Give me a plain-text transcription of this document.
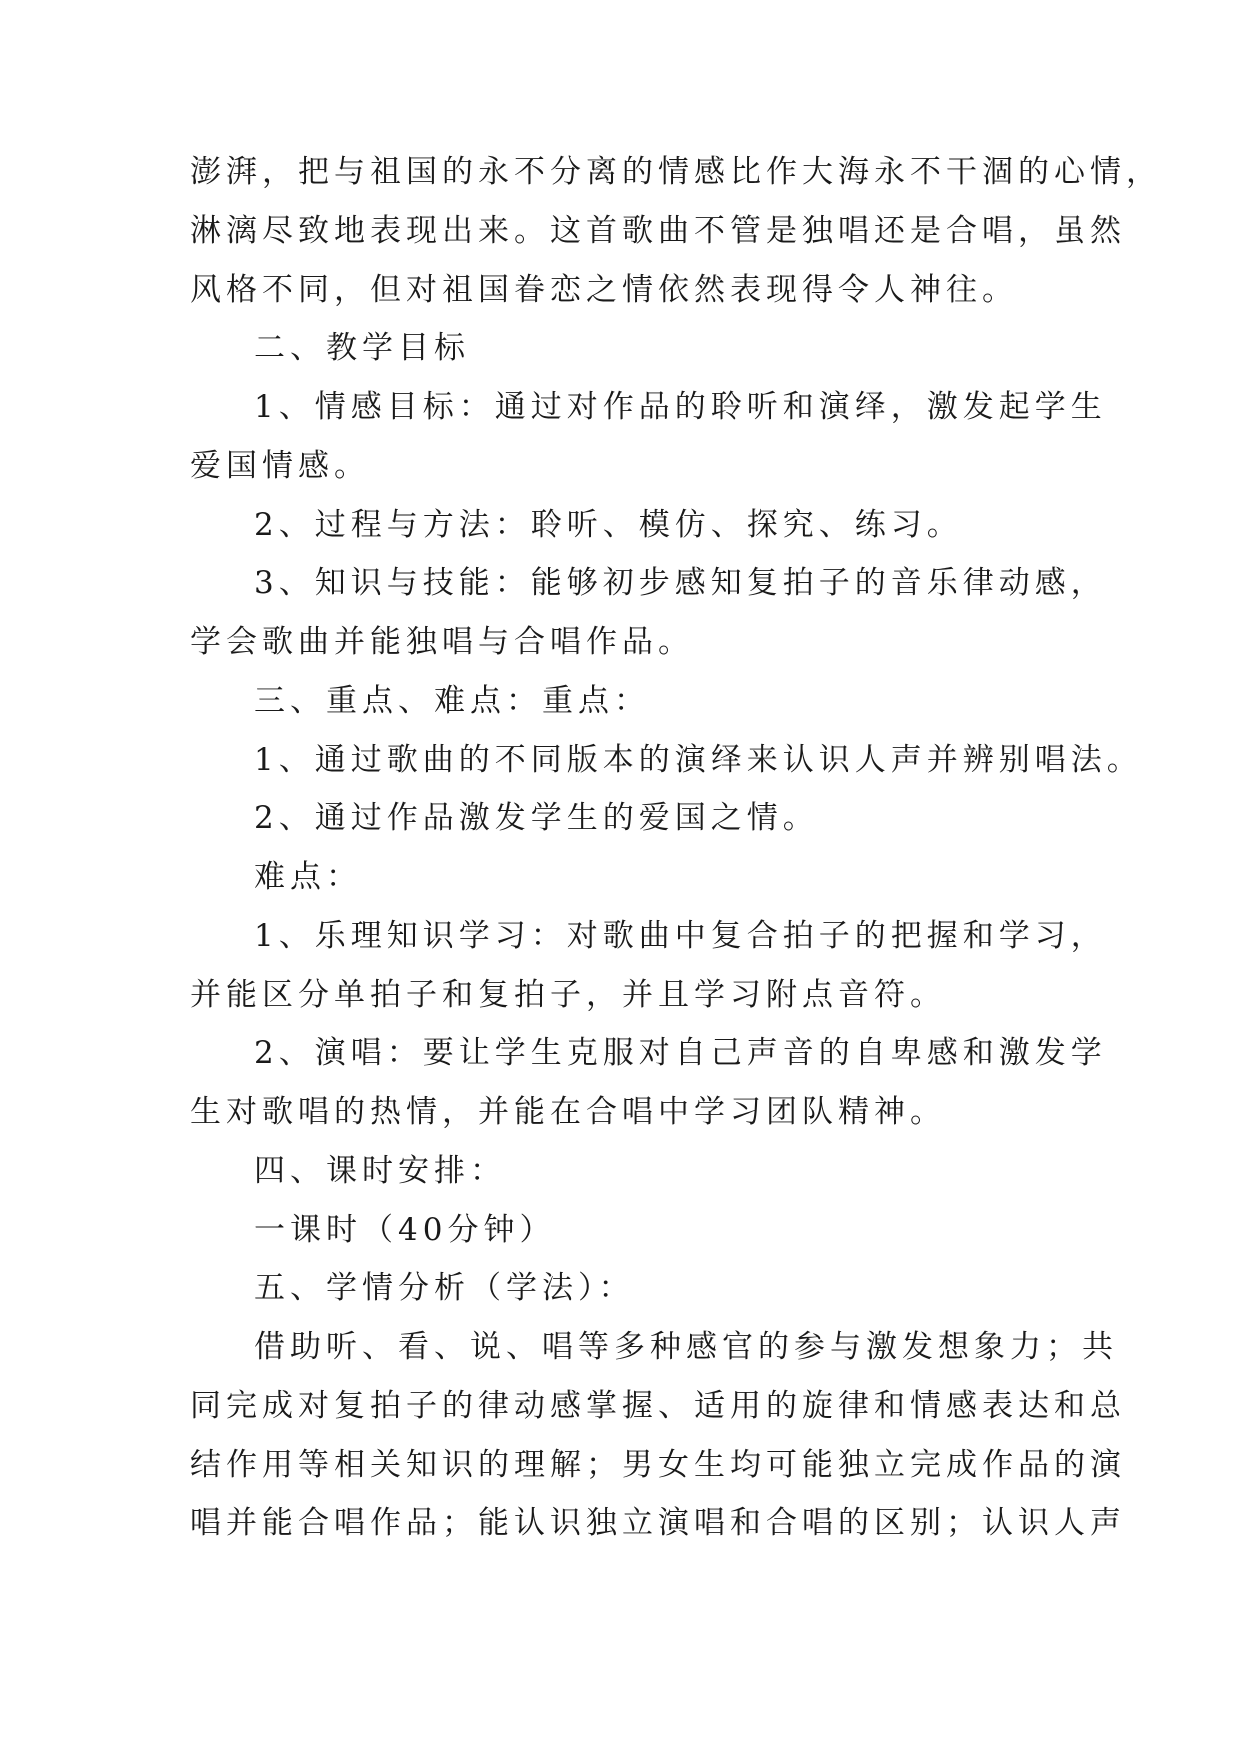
澎湃，把与祖国的永不分离的情感比作大海永不干涸的心情，

淋漓尽致地表现出来。这首歌曲不管是独唱还是合唱，虽然

风格不同，但对祖国眷恋之情依然表现得令人神往。

二、教学目标

1、情感目标：通过对作品的聆听和演绎，激发起学生

爱国情感。

2、过程与方法：聆听、模仿、探究、练习。

3、知识与技能：能够初步感知复拍子的音乐律动感，

学会歌曲并能独唱与合唱作品。

三、重点、难点：重点：

1、通过歌曲的不同版本的演绎来认识人声并辨别唱法。

2、通过作品激发学生的爱国之情。

难点：

1、乐理知识学习：对歌曲中复合拍子的把握和学习，

并能区分单拍子和复拍子，并且学习附点音符。

2、演唱：要让学生克服对自己声音的自卑感和激发学

生对歌唱的热情，并能在合唱中学习团队精神。

四、课时安排：

一课时（40分钟）

五、学情分析（学法）：

借助听、看、说、唱等多种感官的参与激发想象力；共

同完成对复拍子的律动感掌握、适用的旋律和情感表达和总

结作用等相关知识的理解；男女生均可能独立完成作品的演

唱并能合唱作品；能认识独立演唱和合唱的区别；认识人声
